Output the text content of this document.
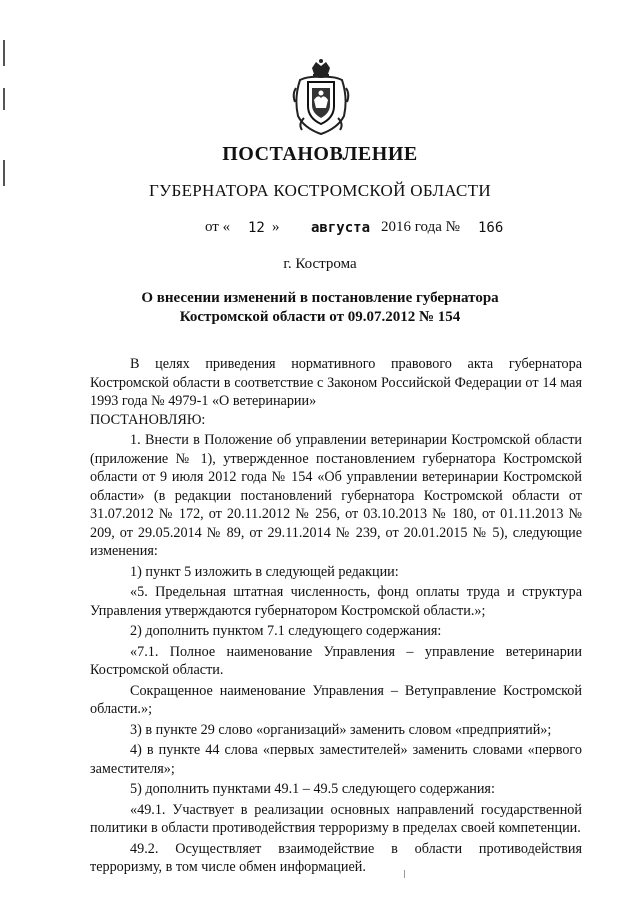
ПОСТАНОВЛЕНИЕ
ГУБЕРНАТОРА КОСТРОМСКОЙ ОБЛАСТИ
от « 12 » августа 2016 года № 166
г. Кострома
О внесении изменений в постановление губернатора
Костромской области от 09.07.2012 № 154

В целях приведения нормативного правового акта губернатора Костромской области в соответствие с Законом Российской Федерации от 14 мая 1993 года № 4979-1 «О ветеринарии»

ПОСТАНОВЛЯЮ:

1. Внести в Положение об управлении ветеринарии Костромской области (приложение № 1), утвержденное постановлением губернатора Костромской области от 9 июля 2012 года № 154 «Об управлении ветеринарии Костромской области» (в редакции постановлений губернатора Костромской области от 31.07.2012 № 172, от 20.11.2012 № 256, от 03.10.2013 № 180, от 01.11.2013 № 209, от 29.05.2014 № 89, от 29.11.2014 № 239, от 20.01.2015 № 5), следующие изменения:

1) пункт 5 изложить в следующей редакции:

«5. Предельная штатная численность, фонд оплаты труда и структура Управления утверждаются губернатором Костромской области.»;

2) дополнить пунктом 7.1 следующего содержания:

«7.1. Полное наименование Управления – управление ветеринарии Костромской области.

Сокращенное наименование Управления – Ветуправление Костромской области.»;

3) в пункте 29 слово «организаций» заменить словом «предприятий»;

4) в пункте 44 слова «первых заместителей» заменить словами «первого заместителя»;

5) дополнить пунктами 49.1 – 49.5 следующего содержания:

«49.1. Участвует в реализации основных направлений государственной политики в области противодействия терроризму в пределах своей компетенции.

49.2. Осуществляет взаимодействие в области противодействия терроризму, в том числе обмен информацией.
